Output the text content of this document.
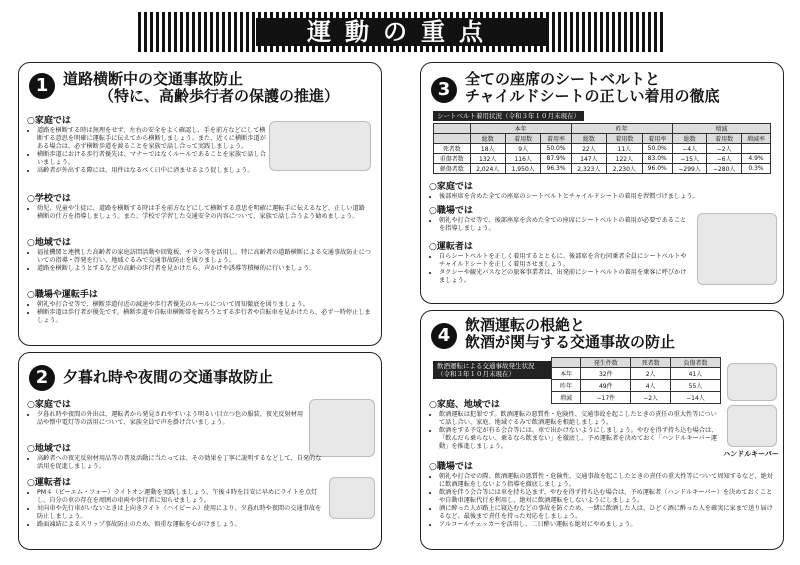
運動の重点
1 道路横断中の交通事故防止
（特に、高齢歩行者の保護の推進）
○家庭では
• 道路を横断する時は無理をせず、左右の安全をよく確認し、手を前方などにして横断する意思を明確に運転手に伝えてから横断しましょう。また、近くに横断歩道がある場合は、必ず横断歩道を渡ることを家族で話し合って実践しましょう。
• 横断歩道における歩行者優先は、マナーではなくルールであることを家族で話し合いましょう。
• 高齢者が外出する際には、用件はなるべく日中に済ませるよう促しましょう。
○学校では
• 幼児、児童や生徒に、道路を横断する時は手を前方などにして横断する意思を明確に運転手に伝えるなど、正しい道路横断の仕方を指導しましょう。また、学校で学習した交通安全の内容について、家族で話し合うよう勧めましょう。
○地域では
• 福祉機関と連携した高齢者の家庭訪問活動や回覧板、チラシ等を活用し、特に高齢者の道路横断による交通事故防止についての指導・啓発を行い、地域ぐるみで交通事故防止を図りましょう。
• 道路を横断しようとするなどの高齢の歩行者を見かけたら、声かけや誘導等積極的に行いましょう。
○職場や運転手は
• 朝礼や打合せ等で、横断歩道付近の減速や歩行者優先のルールについて周知徹底を図りましょう。
• 横断歩道は歩行者が優先です。横断歩道や自転車横断帯を渡ろうとする歩行者や自転車を見かけたら、必ず一時停止しましょう。
2 夕暮れ時や夜間の交通事故防止
○家庭では
• 夕暮れ時や夜間の外出は、運転者から発見されやすいよう明るい目立つ色の服装、夜光反射材用品や懐中電灯等の活用について、家族全員で声を掛け合いましょう。
○地域では
• 高齢者への夜光反射材用品等の普及活動に当たっては、その効果を丁寧に説明するなどして、自発的な活用を促進しましょう。
○運転者は
• PM４（ピーエム・フォー）ライトオン運動を実践しましょう。午後４時を目安に早めにライトを点灯し、自分の車の存在を周囲の車両や歩行者に知らせましょう。
• 対向車や先行車がいないときは上向きライト（ハイビーム）使用により、夕暮れ時や夜間の交通事故を防止しましょう。
• 路面凍結によるスリップ事故防止のため、慎重な運転を心がけましょう。
3 全ての座席のシートベルトと
チャイルドシートの正しい着用の徹底
シートベルト着用状況（令和３年１０月末現在）
	本年			昨年			増減		
	総数	着用数	着用率	総数	着用数	着用率	総数	着用数	増減率
死者数	18人	9人	50.0%	22人	11人	50.0%	−4人	−2人	
重傷者数	132人	116人	87.9%	147人	122人	83.0%	−15人	−6人	4.9%
軽傷者数	2,024人	1,950人	96.3%	2,323人	2,230人	96.0%	−299人	−280人	0.3%
○家庭では
• 後部座席を含めた全ての座席のシートベルトとチャイルドシートの着用を習慣づけましょう。
○職場では
• 朝礼や打合せ等で、後部座席を含めた全ての座席にシートベルトの着用が必要であることを指導しましょう。
○運転者は
• 自らシートベルトを正しく着用するとともに、後部席を含む同乗者全員にシートベルトやチャイルドシートを正しく着用させましょう。
• タクシーや観光バスなどの旅客事業者は、出発前にシートベルトの着用を乗客に呼びかけましょう。
4 飲酒運転の根絶と
飲酒が関与する交通事故の防止
飲酒運転による交通事故発生状況（令和３年１０月末現在）
	発生件数	死者数	負傷者数
本年	32件	2人	41人
昨年	49件	4人	55人
増減	−17件	−2人	−14人
○家庭、地域では
• 飲酒運転は犯罪です。飲酒運転の悪質性・危険性、交通事故を起こしたときの責任の重大性等について話し合い、家庭、地域ぐるみで飲酒運転を根絶しましょう。
• 飲酒をする予定が有る会合等には、車で出かけないようにしましょう。やむを得ず持ち込む場合は、「飲んだら乗らない、乗るなら飲まない」を徹底し、予め運転者を決めておく「ハンドルキーパー運動」を推進しましょう。
ハンドルキーパー
○職場では
• 朝礼や打合せの際、飲酒運転の悪質性・危険性、交通事故を起こしたときの責任の重大性等について周知するなど、絶対に飲酒運転をしないよう指導を徹底しましょう。
• 飲酒を伴う会合等には車を持ち込まず、やむを得ず持ち込む場合は、予め運転者（ハンドルキーパー）を決めておくことや自動車運転代行を利用し、絶対に飲酒運転をしないようにしましょう。
• 酒に酔った人が路上に寝込むなどの事故を防ぐため、一緒に飲酒した人は、ひどく酒に酔った人を確実に家まで送り届けるなど、最後まで責任を持った対応をしましょう。
• アルコールチェッカーを活用し、二日酔い運転も絶対にやめましょう。
